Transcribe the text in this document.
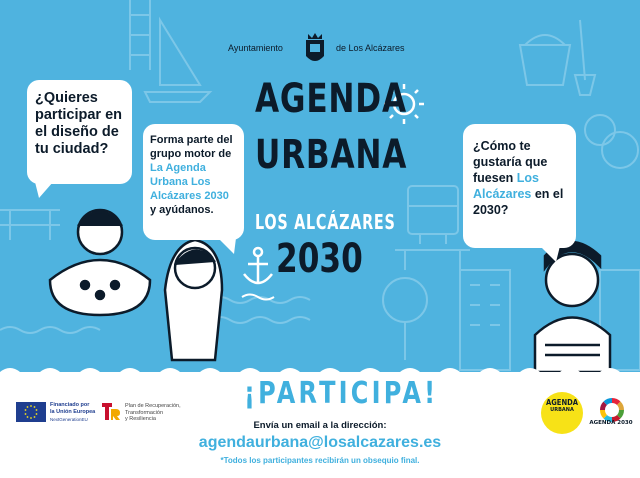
Ayuntamiento	de Los Alcázares
AGENDA
URBANA
LOS ALCÁZARES
2030
¿Quieres participar en el diseño de tu ciudad?
Forma parte del grupo motor de La Agenda Urbana Los Alcázares 2030 y ayúdanos.
¿Cómo te gustaría que fuesen Los Alcázares en el 2030?
¡PARTICIPA!
Envía un email a la dirección:
agendaurbana@losalcazares.es
*Todos los participantes recibirán un obsequio final.
Financiado por
la Unión Europea
NextGenerationEU
Plan de Recuperación,
Transformación
y Resiliencia
AGENDA
URBANA
AGENDA 2030
